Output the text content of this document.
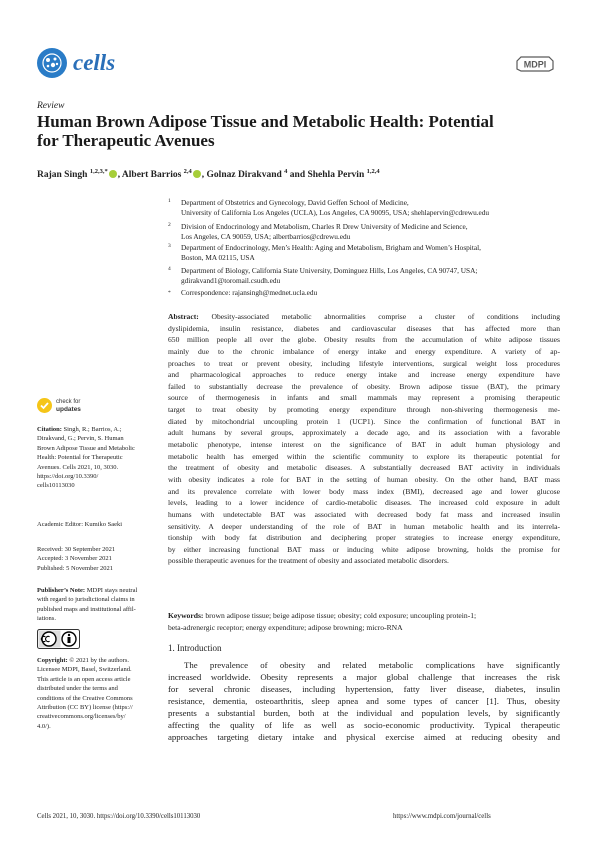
cells	MDPI
Review
Human Brown Adipose Tissue and Metabolic Health: Potential
for Therapeutic Avenues
Rajan Singh $^{1,2,3,*}$ , Albert Barrios $^{2,4}$ , Golnaz Dirakvand $^4$ and Shehla Pervin $^{1,2,4}$
1 Department of Obstetrics and Gynecology, David Geffen School of Medicine,
University of California Los Angeles (UCLA), Los Angeles, CA 90095, USA; shehlapervin@cdrewu.edu
2 Division of Endocrinology and Metabolism, Charles R Drew University of Medicine and Science,
Los Angeles, CA 90059, USA; albertbarrios@cdrewu.edu
3 Department of Endocrinology, Men’s Health: Aging and Metabolism, Brigham and Women’s Hospital,
Boston, MA 02115, USA
4 Department of Biology, California State University, Dominguez Hills, Los Angeles, CA 90747, USA;
gdirakvand1@toromail.csudh.edu
* Correspondence: rajansingh@mednet.ucla.edu
Abstract: Obesity-associated metabolic abnormalities comprise a cluster of conditions including
dyslipidemia, insulin resistance, diabetes and cardiovascular diseases that has affected more than
650 million people all over the globe. Obesity results from the accumulation of white adipose tissues
mainly due to the chronic imbalance of energy intake and energy expenditure. A variety of ap-
proaches to treat or prevent obesity, including lifestyle interventions, surgical weight loss procedures
and pharmacological approaches to reduce energy intake and increase energy expenditure have
failed to substantially decrease the prevalence of obesity. Brown adipose tissue (BAT), the primary
source of thermogenesis in infants and small mammals may represent a promising therapeutic
target to treat obesity by promoting energy expenditure through non-shivering thermogenesis me-
diated by mitochondrial uncoupling protein 1 (UCP1). Since the confirmation of functional BAT in
adult humans by several groups, approximately a decade ago, and its association with a favorable
metabolic phenotype, intense interest on the significance of BAT in adult human physiology and
metabolic health has emerged within the scientific community to explore its therapeutic potential for
the treatment of obesity and metabolic diseases. A substantially decreased BAT activity in individuals
with obesity indicates a role for BAT in the setting of human obesity. On the other hand, BAT mass
and its prevalence correlate with lower body mass index (BMI), decreased age and lower glucose
levels, leading to a lower incidence of cardio-metabolic diseases. The increased cold exposure in adult
humans with undetectable BAT was associated with decreased body fat mass and increased insulin
sensitivity. A deeper understanding of the role of BAT in human metabolic health and its interrela-
tionship with body fat distribution and deciphering proper strategies to increase energy expenditure,
by either increasing functional BAT mass or inducing white adipose browning, holds the promise for
possible therapeutic avenues for the treatment of obesity and associated metabolic disorders.
Keywords: brown adipose tissue; beige adipose tissue; obesity; cold exposure; uncoupling protein-1;
beta-adrenergic receptor; energy expenditure; adipose browning; micro-RNA
check for
updates
Citation: Singh, R.; Barrios, A.;
Dirakvand, G.; Pervin, S. Human
Brown Adipose Tissue and Metabolic
Health: Potential for Therapeutic
Avenues. Cells 2021, 10, 3030.
https://doi.org/10.3390/
cells10113030
Academic Editor: Kumiko Saeki
Received: 30 September 2021
Accepted: 3 November 2021
Published: 5 November 2021
Publisher’s Note: MDPI stays neutral
with regard to jurisdictional claims in
published maps and institutional affil-
iations.
Copyright: © 2021 by the authors.
Licensee MDPI, Basel, Switzerland.
This article is an open access article
distributed under the terms and
conditions of the Creative Commons
Attribution (CC BY) license (https://
creativecommons.org/licenses/by/
4.0/).
1. Introduction
The prevalence of obesity and related metabolic complications have significantly
increased worldwide. Obesity represents a major global challenge that increases the risk
for several chronic diseases, including hypertension, fatty liver disease, diabetes, insulin
resistance, dementia, osteoarthritis, sleep apnea and some types of cancer [1]. Thus, obesity
presents a substantial burden, both at the individual and population levels, by significantly
affecting the quality of life as well as socio-economic productivity. Typical therapeutic
approaches targeting dietary intake and physical exercise aimed at reducing obesity and
Cells 2021, 10, 3030. https://doi.org/10.3390/cells10113030	https://www.mdpi.com/journal/cells
